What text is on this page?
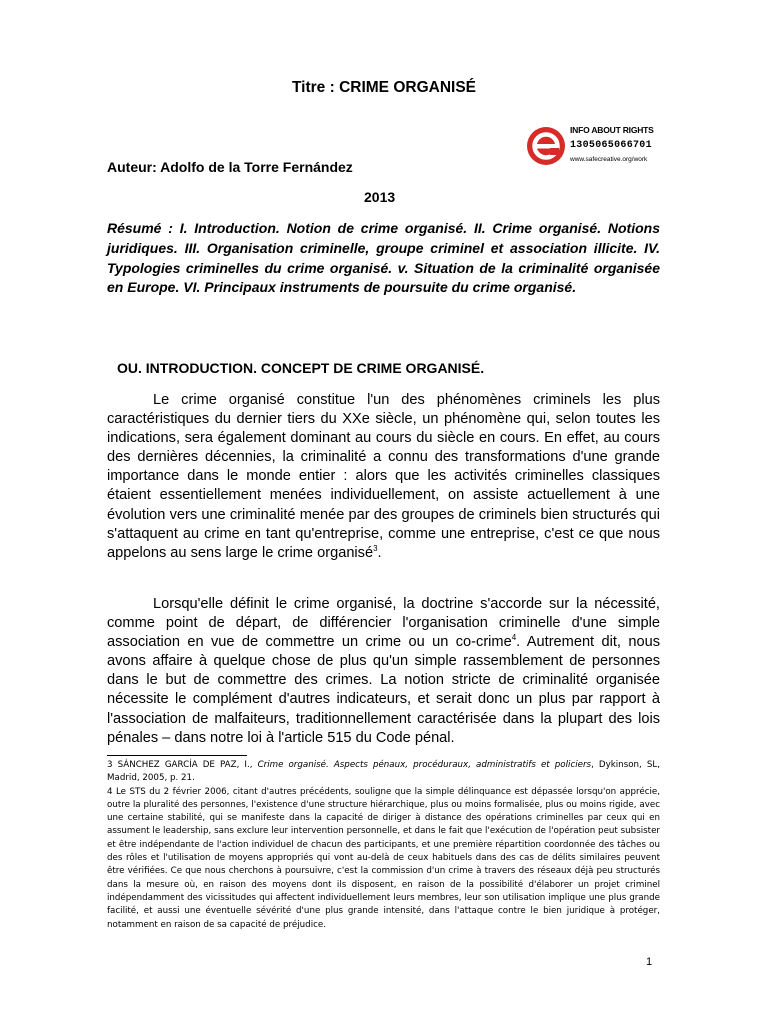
Titre : CRIME ORGANISÉ
INFO ABOUT RIGHTS
1305065066701
www.safecreative.org/work
Auteur: Adolfo de la Torre Fernández
2013
Résumé : I. Introduction. Notion de crime organisé. II. Crime organisé. Notions juridiques. III. Organisation criminelle, groupe criminel et association illicite. IV. Typologies criminelles du crime organisé. v. Situation de la criminalité organisée en Europe. VI. Principaux instruments de poursuite du crime organisé.
OU. INTRODUCTION. CONCEPT DE CRIME ORGANISÉ.
Le crime organisé constitue l'un des phénomènes criminels les plus caractéristiques du dernier tiers du XXe siècle, un phénomène qui, selon toutes les indications, sera également dominant au cours du siècle en cours. En effet, au cours des dernières décennies, la criminalité a connu des transformations d'une grande importance dans le monde entier : alors que les activités criminelles classiques étaient essentiellement menées individuellement, on assiste actuellement à une évolution vers une criminalité menée par des groupes de criminels bien structurés qui s'attaquent au crime en tant qu'entreprise, comme une entreprise, c'est ce que nous appelons au sens large le crime organisé$^3$.
Lorsqu'elle définit le crime organisé, la doctrine s'accorde sur la nécessité, comme point de départ, de différencier l'organisation criminelle d'une simple association en vue de commettre un crime ou un co-crime$^4$. Autrement dit, nous avons affaire à quelque chose de plus qu'un simple rassemblement de personnes dans le but de commettre des crimes. La notion stricte de criminalité organisée nécessite le complément d'autres indicateurs, et serait donc un plus par rapport à l'association de malfaiteurs, traditionnellement caractérisée dans la plupart des lois pénales – dans notre loi à l'article 515 du Code pénal.

3 SÁNCHEZ GARCÍA DE PAZ, I., Crime organisé. Aspects pénaux, procéduraux, administratifs et policiers, Dykinson, SL, Madrid, 2005, p. 21.

4 Le STS du 2 février 2006, citant d'autres précédents, souligne que la simple délinquance est dépassée lorsqu'on apprécie, outre la pluralité des personnes, l'existence d'une structure hiérarchique, plus ou moins formalisée, plus ou moins rigide, avec une certaine stabilité, qui se manifeste dans la capacité de diriger à distance des opérations criminelles par ceux qui en assument le leadership, sans exclure leur intervention personnelle, et dans le fait que l'exécution de l'opération peut subsister et être indépendante de l'action individuel de chacun des participants, et une première répartition coordonnée des tâches ou des rôles et l'utilisation de moyens appropriés qui vont au-delà de ceux habituels dans des cas de délits similaires peuvent être vérifiées. Ce que nous cherchons à poursuivre, c'est la commission d'un crime à travers des réseaux déjà peu structurés dans la mesure où, en raison des moyens dont ils disposent, en raison de la possibilité d'élaborer un projet criminel indépendamment des vicissitudes qui affectent individuellement leurs membres, leur son utilisation implique une plus grande facilité, et aussi une éventuelle sévérité d'une plus grande intensité, dans l'attaque contre le bien juridique à protéger, notamment en raison de sa capacité de préjudice.

1
